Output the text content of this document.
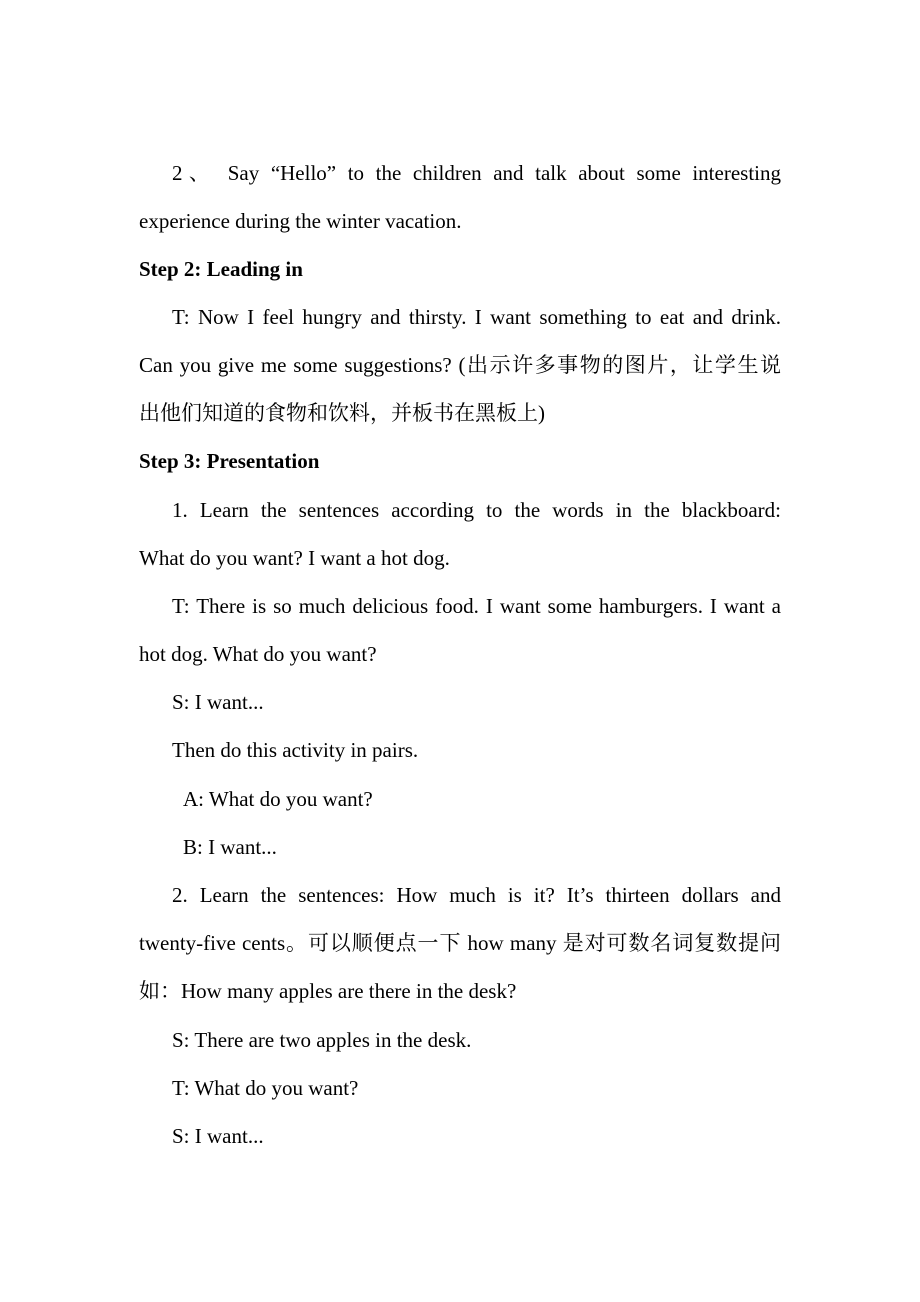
2、 Say “Hello” to the children and talk about some interesting
experience during the winter vacation.
Step 2: Leading in
T: Now I feel hungry and thirsty. I want something to eat and drink.
Can you give me some suggestions? (出示许多事物的图片，让学生说
出他们知道的食物和饮料，并板书在黑板上)
Step 3: Presentation
1. Learn the sentences according to the words in the blackboard:
What do you want? I want a hot dog.
T: There is so much delicious food. I want some hamburgers. I want a
hot dog. What do you want?
S: I want...
Then do this activity in pairs.
A: What do you want?
B: I want...
2. Learn the sentences: How much is it? It’s thirteen dollars and
twenty-five cents。可以顺便点一下 how many 是对可数名词复数提问
如：How many apples are there in the desk?
S: There are two apples in the desk.
T: What do you want?
S: I want...
